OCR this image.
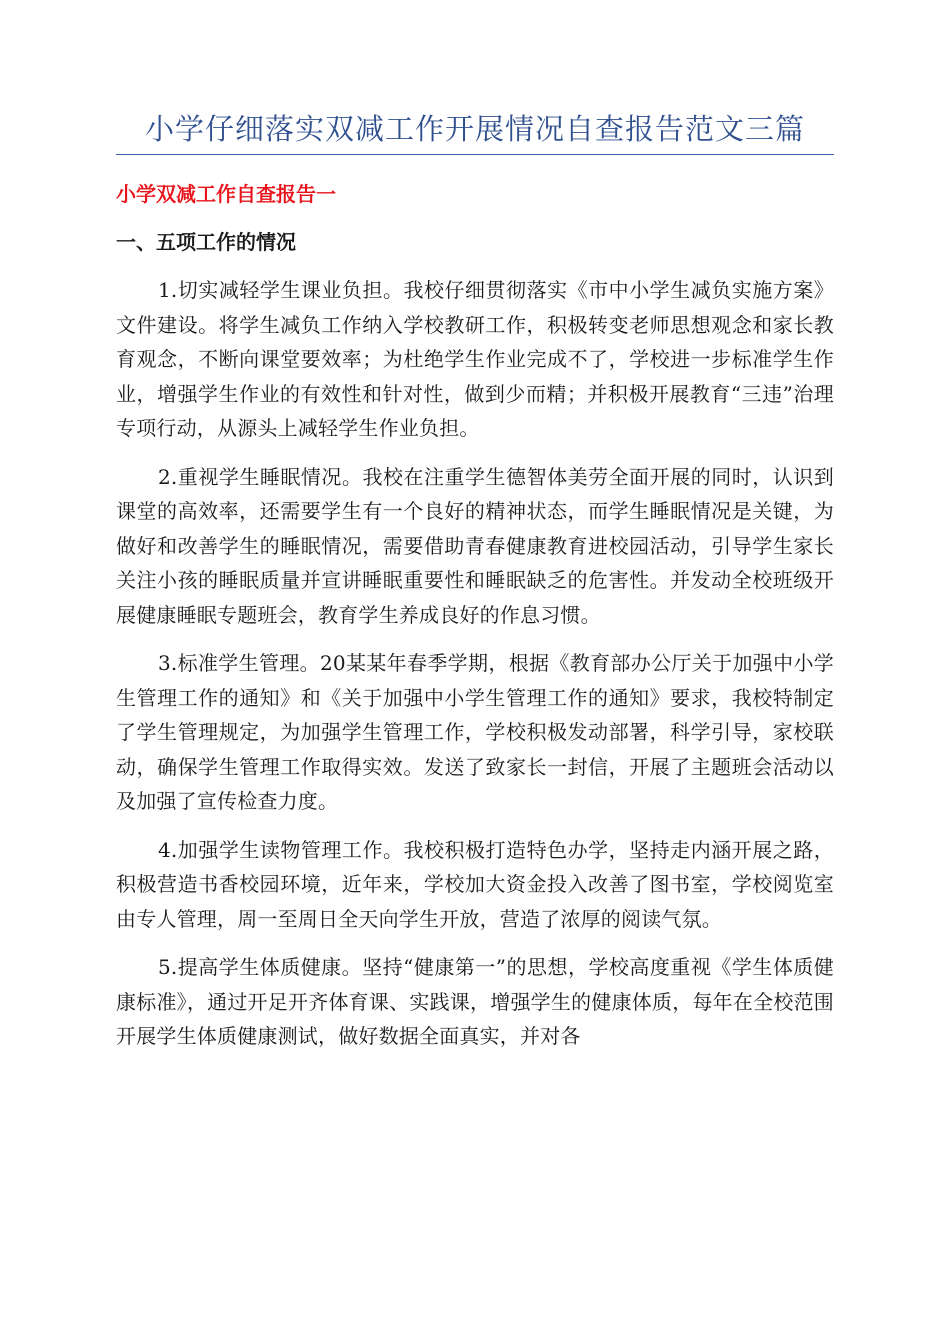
小学仔细落实双减工作开展情况自查报告范文三篇
小学双减工作自查报告一
一、五项工作的情况

1.切实减轻学生课业负担。我校仔细贯彻落实《市中小学生减负实施方案》文件建设。将学生减负工作纳入学校教研工作，积极转变老师思想观念和家长教育观念，不断向课堂要效率；为杜绝学生作业完成不了，学校进一步标准学生作业，增强学生作业的有效性和针对性，做到少而精；并积极开展教育“三违”治理专项行动，从源头上减轻学生作业负担。

2.重视学生睡眠情况。我校在注重学生德智体美劳全面开展的同时，认识到课堂的高效率，还需要学生有一个良好的精神状态，而学生睡眠情况是关键，为做好和改善学生的睡眠情况，需要借助青春健康教育进校园活动，引导学生家长关注小孩的睡眠质量并宣讲睡眠重要性和睡眠缺乏的危害性。并发动全校班级开展健康睡眠专题班会，教育学生养成良好的作息习惯。

3.标准学生管理。20某某年春季学期，根据《教育部办公厅关于加强中小学生管理工作的通知》和《关于加强中小学生管理工作的通知》要求，我校特制定了学生管理规定，为加强学生管理工作，学校积极发动部署，科学引导，家校联动，确保学生管理工作取得实效。发送了致家长一封信，开展了主题班会活动以及加强了宣传检查力度。

4.加强学生读物管理工作。我校积极打造特色办学，坚持走内涵开展之路，积极营造书香校园环境，近年来，学校加大资金投入改善了图书室，学校阅览室由专人管理，周一至周日全天向学生开放，营造了浓厚的阅读气氛。

5.提高学生体质健康。坚持“健康第一”的思想，学校高度重视《学生体质健康标准》，通过开足开齐体育课、实践课，增强学生的健康体质，每年在全校范围开展学生体质健康测试，做好数据全面真实，并对各
